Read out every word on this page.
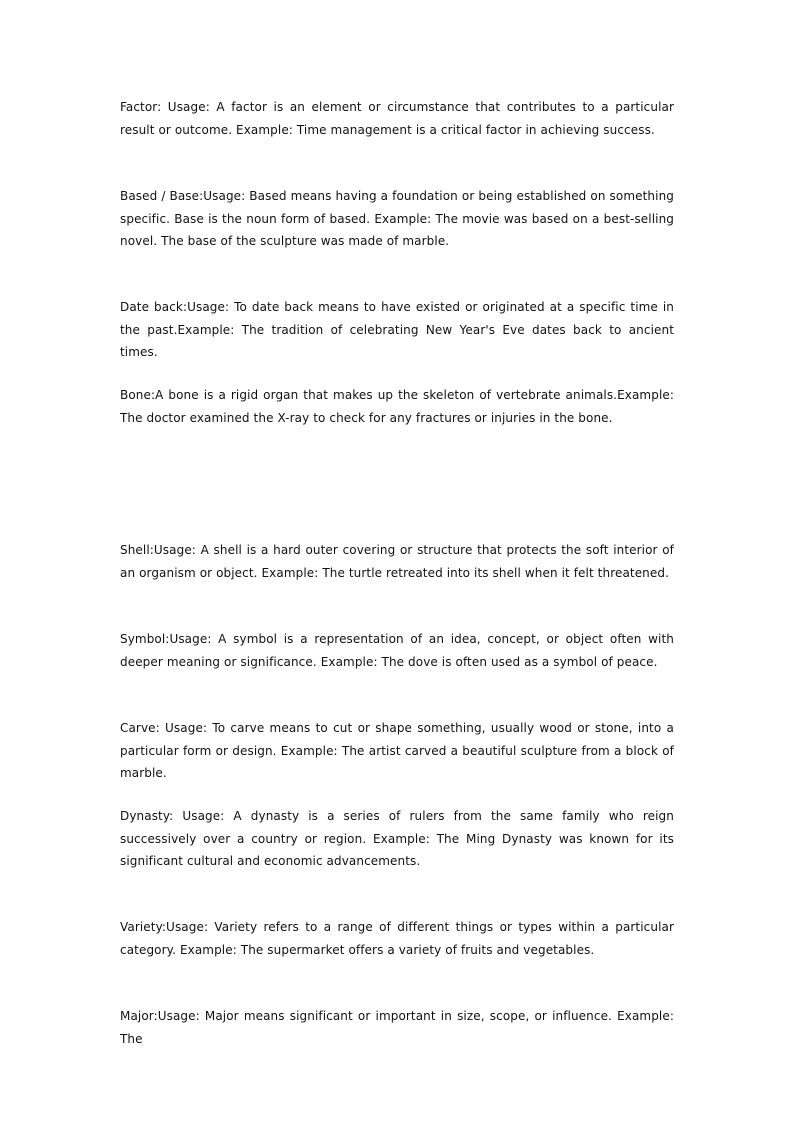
Factor: Usage: A factor is an element or circumstance that contributes to a particular result or outcome. Example: Time management is a critical factor in achieving success.

Based / Base:Usage: Based means having a foundation or being established on something specific. Base is the noun form of based. Example: The movie was based on a best-selling novel. The base of the sculpture was made of marble.

Date back:Usage: To date back means to have existed or originated at a specific time in the past.Example: The tradition of celebrating New Year's Eve dates back to ancient times.

Bone:A bone is a rigid organ that makes up the skeleton of vertebrate animals.Example: The doctor examined the X-ray to check for any fractures or injuries in the bone.

Shell:Usage: A shell is a hard outer covering or structure that protects the soft interior of an organism or object. Example: The turtle retreated into its shell when it felt threatened.

Symbol:Usage: A symbol is a representation of an idea, concept, or object often with deeper meaning or significance. Example: The dove is often used as a symbol of peace.

Carve: Usage: To carve means to cut or shape something, usually wood or stone, into a particular form or design. Example: The artist carved a beautiful sculpture from a block of marble.

Dynasty: Usage: A dynasty is a series of rulers from the same family who reign successively over a country or region. Example: The Ming Dynasty was known for its significant cultural and economic advancements.

Variety:Usage: Variety refers to a range of different things or types within a particular category. Example: The supermarket offers a variety of fruits and vegetables.

Major:Usage: Major means significant or important in size, scope, or influence. Example: The
